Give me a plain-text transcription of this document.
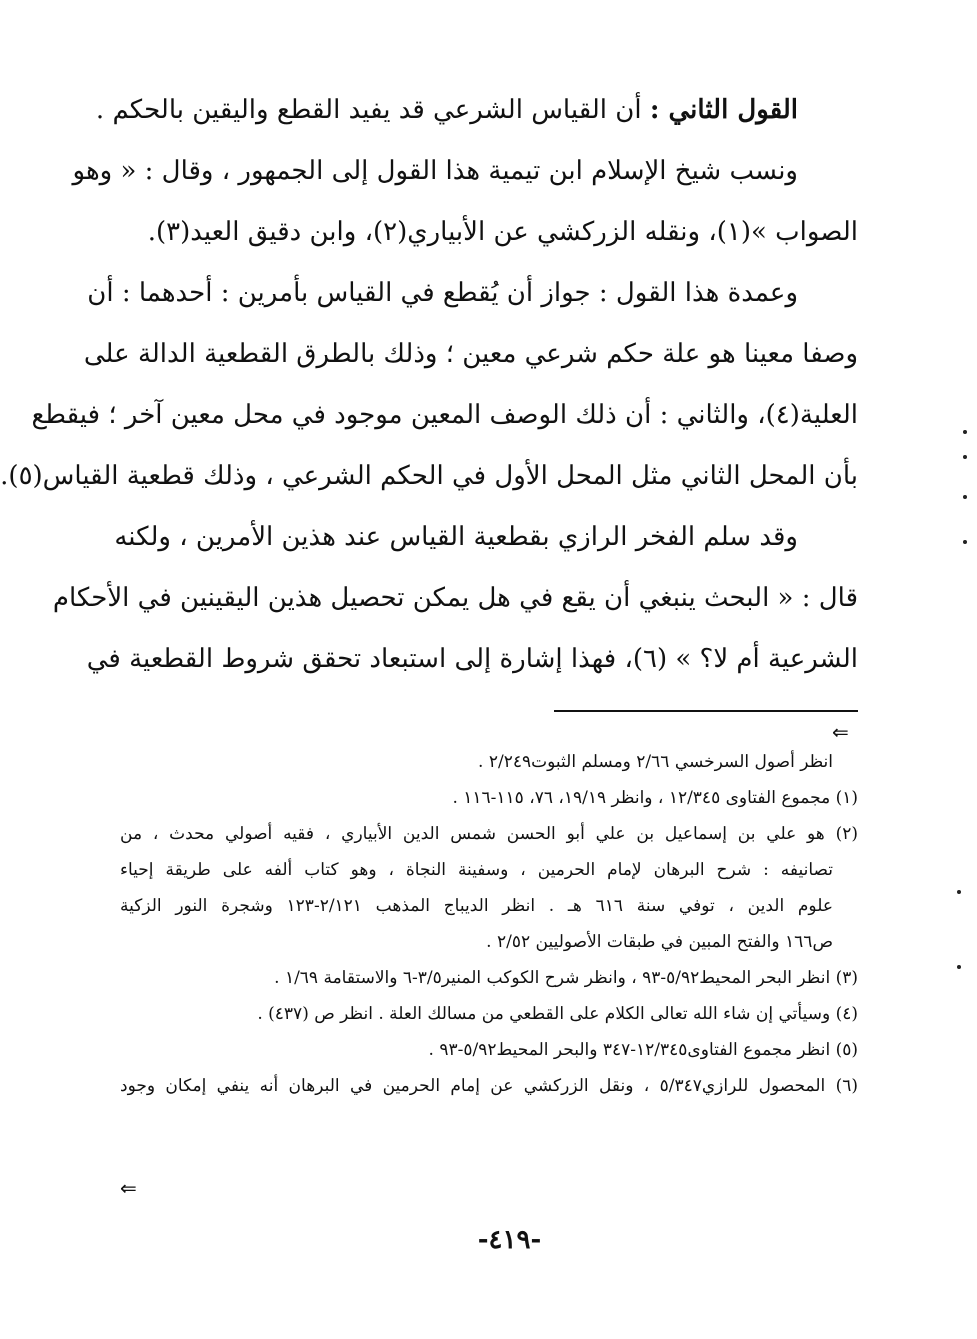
القول الثاني : أن القياس الشرعي قد يفيد القطع واليقين بالحكم .
ونسب شيخ الإسلام ابن تيمية هذا القول إلى الجمهور ، وقال : « وهو
الصواب »(١)، ونقله الزركشي عن الأبياري(٢)، وابن دقيق العيد(٣).
وعمدة هذا القول : جواز أن يُقطع في القياس بأمرين : أحدهما : أن
وصفا معينا هو علة حكم شرعي معين ؛ وذلك بالطرق القطعية الدالة على
العلية(٤)، والثاني : أن ذلك الوصف المعين موجود في محل معين آخر ؛ فيقطع
بأن المحل الثاني مثل المحل الأول في الحكم الشرعي ، وذلك قطعية القياس(٥).
وقد سلم الفخر الرازي بقطعية القياس عند هذين الأمرين ، ولكنه
قال : « البحث ينبغي أن يقع في هل يمكن تحصيل هذين اليقينين في الأحكام
الشرعية أم لا؟ » (٦)، فهذا إشارة إلى استبعاد تحقق شروط القطعية في
⇐
انظر أصول السرخسي ٢/٦٦ ومسلم الثبوت٢/٢٤٩ .
(١) مجموع الفتاوى ١٢/٣٤٥ ، وانظر ١٩/١٩، ٧٦، ١١٥-١١٦ .
(٢) هو علي بن إسماعيل بن علي أبو الحسن شمس الدين الأبياري ، فقيه أصولي محدث ، من
تصانيفه : شرح البرهان لإمام الحرمين ، وسفينة النجاة ، وهو كتاب ألفه على طريقة إحياء
علوم الدين ، توفي سنة ٦١٦ هـ . انظر الديباج المذهب ٢/١٢١-١٢٣ وشجرة النور الزكية
ص١٦٦ والفتح المبين في طبقات الأصوليين ٢/٥٢ .
(٣) انظر البحر المحيط٥/٩٢-٩٣ ، وانظر شرح الكوكب المنير٣/٥-٦ والاستقامة ١/٦٩ .
(٤) وسيأتي إن شاء الله تعالى الكلام على القطعي من مسالك العلة . انظر ص (٤٣٧) .
(٥) انظر مجموع الفتاوى١٢/٣٤٥-٣٤٧ والبحر المحيط٥/٩٢-٩٣ .
(٦) المحصول للرازي٥/٣٤٧ ، ونقل الزركشي عن إمام الحرمين في البرهان أنه ينفي إمكان وجود
⇐
-٤١٩-
